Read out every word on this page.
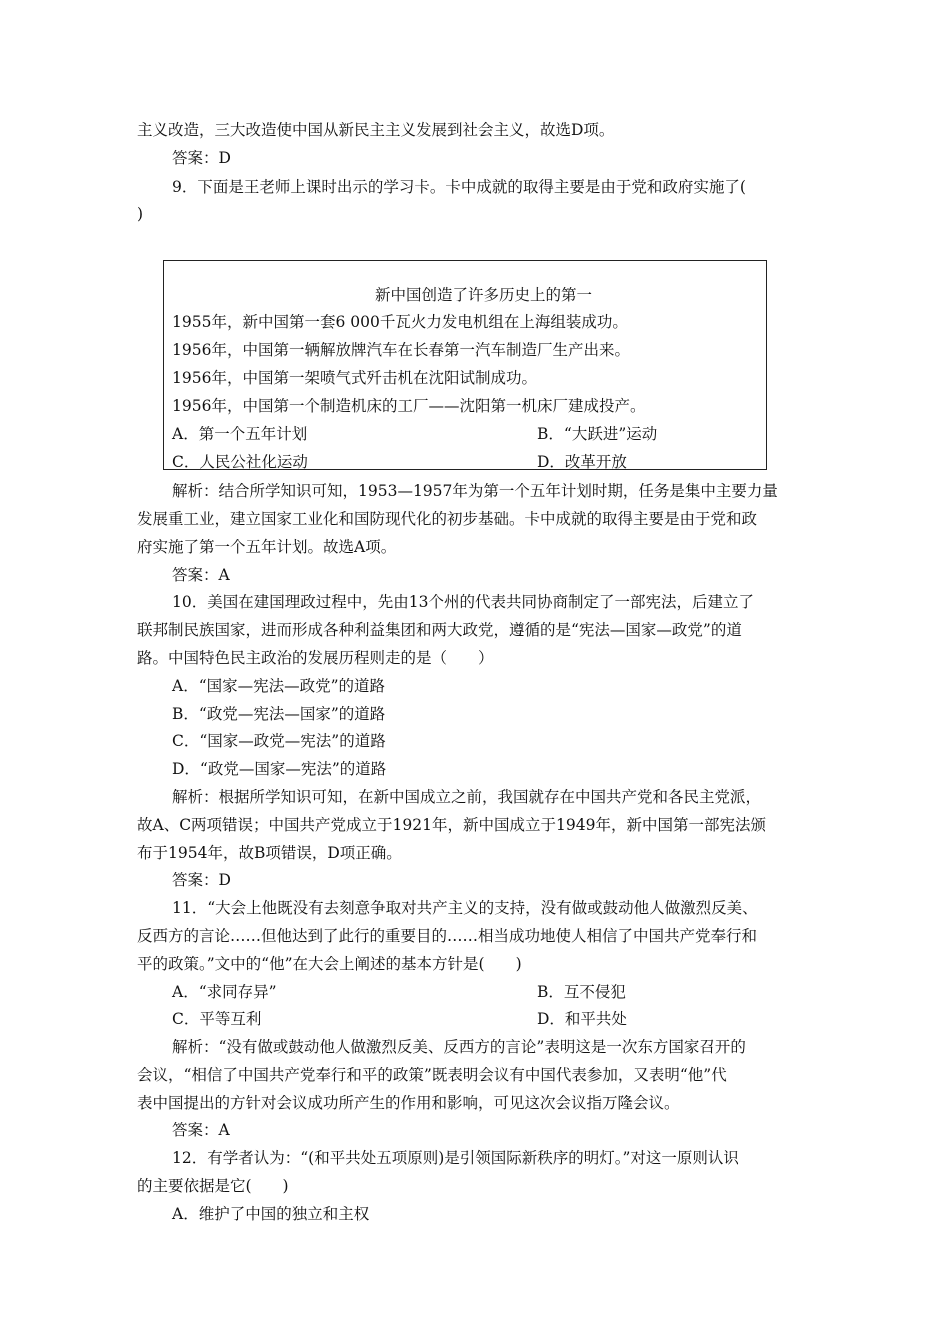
主义改造，三大改造使中国从新民主主义发展到社会主义，故选D项。
答案：D
9．下面是王老师上课时出示的学习卡。卡中成就的取得主要是由于党和政府实施了(
)
新中国创造了许多历史上的第一
1955年，新中国第一套6 000千瓦火力发电机组在上海组装成功。
1956年，中国第一辆解放牌汽车在长春第一汽车制造厂生产出来。
1956年，中国第一架喷气式歼击机在沈阳试制成功。
1956年，中国第一个制造机床的工厂——沈阳第一机床厂建成投产。
A．第一个五年计划	B．“大跃进”运动
C．人民公社化运动	D．改革开放
解析：结合所学知识可知，1953—1957年为第一个五年计划时期，任务是集中主要力量
发展重工业，建立国家工业化和国防现代化的初步基础。卡中成就的取得主要是由于党和政
府实施了第一个五年计划。故选A项。
答案：A
10．美国在建国理政过程中，先由13个州的代表共同协商制定了一部宪法，后建立了
联邦制民族国家，进而形成各种利益集团和两大政党，遵循的是“宪法—国家—政党”的道
路。中国特色民主政治的发展历程则走的是（　　）
A．“国家—宪法—政党”的道路
B．“政党—宪法—国家”的道路
C．“国家—政党—宪法”的道路
D．“政党—国家—宪法”的道路
解析：根据所学知识可知，在新中国成立之前，我国就存在中国共产党和各民主党派，
故A、C两项错误；中国共产党成立于1921年，新中国成立于1949年，新中国第一部宪法颁
布于1954年，故B项错误，D项正确。
答案：D
11．“大会上他既没有去刻意争取对共产主义的支持，没有做或鼓动他人做激烈反美、
反西方的言论……但他达到了此行的重要目的……相当成功地使人相信了中国共产党奉行和
平的政策。”文中的“他”在大会上阐述的基本方针是(　　)
A．“求同存异”	B．互不侵犯
C．平等互利	D．和平共处
解析：“没有做或鼓动他人做激烈反美、反西方的言论”表明这是一次东方国家召开的
会议，“相信了中国共产党奉行和平的政策”既表明会议有中国代表参加，又表明“他”代
表中国提出的方针对会议成功所产生的作用和影响，可见这次会议指万隆会议。
答案：A
12．有学者认为：“(和平共处五项原则)是引领国际新秩序的明灯。”对这一原则认识
的主要依据是它(　　)
A．维护了中国的独立和主权
